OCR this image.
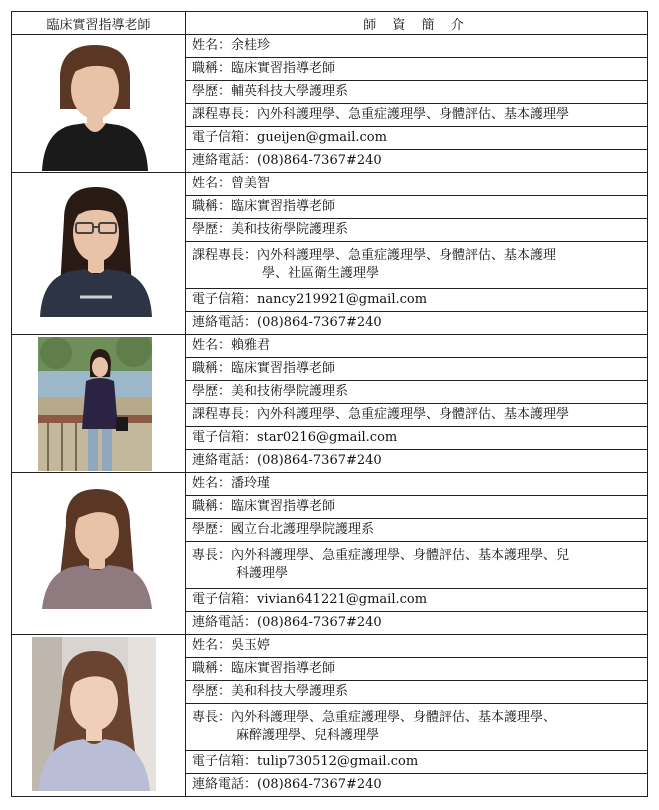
臨床實習指導老師	師 資 簡 介

	姓名：余桂珍
	職稱：臨床實習指導老師
	學歷：輔英科技大學護理系
	課程專長：內外科護理學、急重症護理學、身體評估、基本護理學
	電子信箱：gueijen@gmail.com
	連絡電話：(08)864-7367#240

	姓名：曾美智
	職稱：臨床實習指導老師
	學歷：美和技術學院護理系
	課程專長：內外科護理學、急重症護理學、身體評估、基本護理
學、社區衛生護理學

	電子信箱：nancy219921@gmail.com
	連絡電話：(08)864-7367#240

	姓名：賴雅君
	職稱：臨床實習指導老師
	學歷：美和技術學院護理系
	課程專長：內外科護理學、急重症護理學、身體評估、基本護理學
	電子信箱：star0216@gmail.com
	連絡電話：(08)864-7367#240

	姓名：潘玲瑾
	職稱：臨床實習指導老師
	學歷：國立台北護理學院護理系
	專長：內外科護理學、急重症護理學、身體評估、基本護理學、兒
科護理學

	電子信箱：vivian641221@gmail.com
	連絡電話：(08)864-7367#240

	姓名：吳玉婷
	職稱：臨床實習指導老師
	學歷：美和科技大學護理系
	專長：內外科護理學、急重症護理學、身體評估、基本護理學、
麻醉護理學、兒科護理學

	電子信箱：tulip730512@gmail.com
	連絡電話：(08)864-7367#240
